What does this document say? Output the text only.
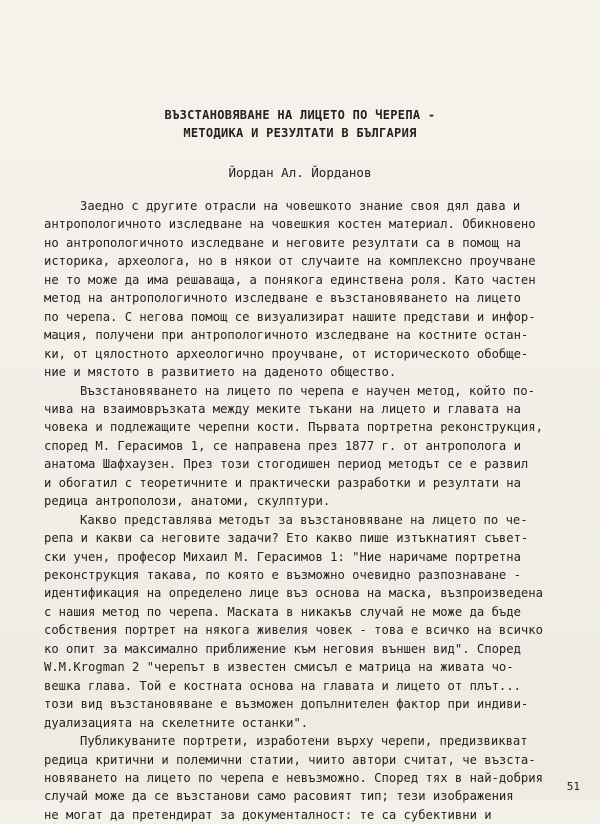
ВЪЗСТАНОВЯВАНЕ НА ЛИЦЕТО ПО ЧЕРЕПА -
МЕТОДИКА И РЕЗУЛТАТИ В БЪЛГАРИЯ
Йордан Ал. Йорданов
Заедно с другите отрасли на човешкото знание своя дял дава и
антропологичното изследване на човешкия костен материал. Обикновено
но антропологичното изследване и неговите резултати са в помощ на
историка, археолога, но в някои от случаите на комплексно проучване
не то може да има решаваща, а понякога единствена роля. Като частен
метод на антропологичното изследване е възстановяването на лицето
по черепа. С негова помощ се визуализират нашите представи и инфор-
мация, получени при антропологичното изследване на костните остан-
ки, от цялостното археологично проучване, от историческото обобще-
ние и мястото в развитието на даденото общество.
Възстановяването на лицето по черепа е научен метод, който по-
чива на взаимовръзката между меките тъкани на лицето и главата на
човека и подлежащите черепни кости. Първата портретна реконструкция,
според М. Герасимов 1, се направена през 1877 г. от антрополога и
анатома Шафхаузен. През този стогодишен период методът се е развил
и обогатил с теоретичните и практически разработки и резултати на
редица антрополози, анатоми, скулптури.
Какво представлява методът за възстановяване на лицето по че-
репа и какви са неговите задачи? Ето какво пише изтъкнатият съвет-
ски учен, професор Михаил М. Герасимов 1: "Ние наричаме портретна
реконструкция такава, по която е възможно очевидно разпознаване -
идентификация на определено лице въз основа на маска, възпроизведена
с нашия метод по черепа. Маската в никакъв случай не може да бъде
собствения портрет на някога живелия човек - това е всичко на всичко
ко опит за максимално приближение към неговия външен вид". Според
W.M.Krogman 2 "черепът в известен смисъл е матрица на живата чо-
вешка глава. Той е костната основа на главата и лицето от плът...
този вид възстановяване е възможен допълнителен фактор при индиви-
дуализацията на скелетните останки".
Публикуваните портрети, изработени върху черепи, предизвикват
редица критични и полемични статии, чиито автори считат, че възста-
новяването на лицето по черепа е невъзможно. Според тях в най-добрия
случай може да се възстанови само расовият тип; тези изображения
не могат да претендират за документалност: те са субективни и
51
